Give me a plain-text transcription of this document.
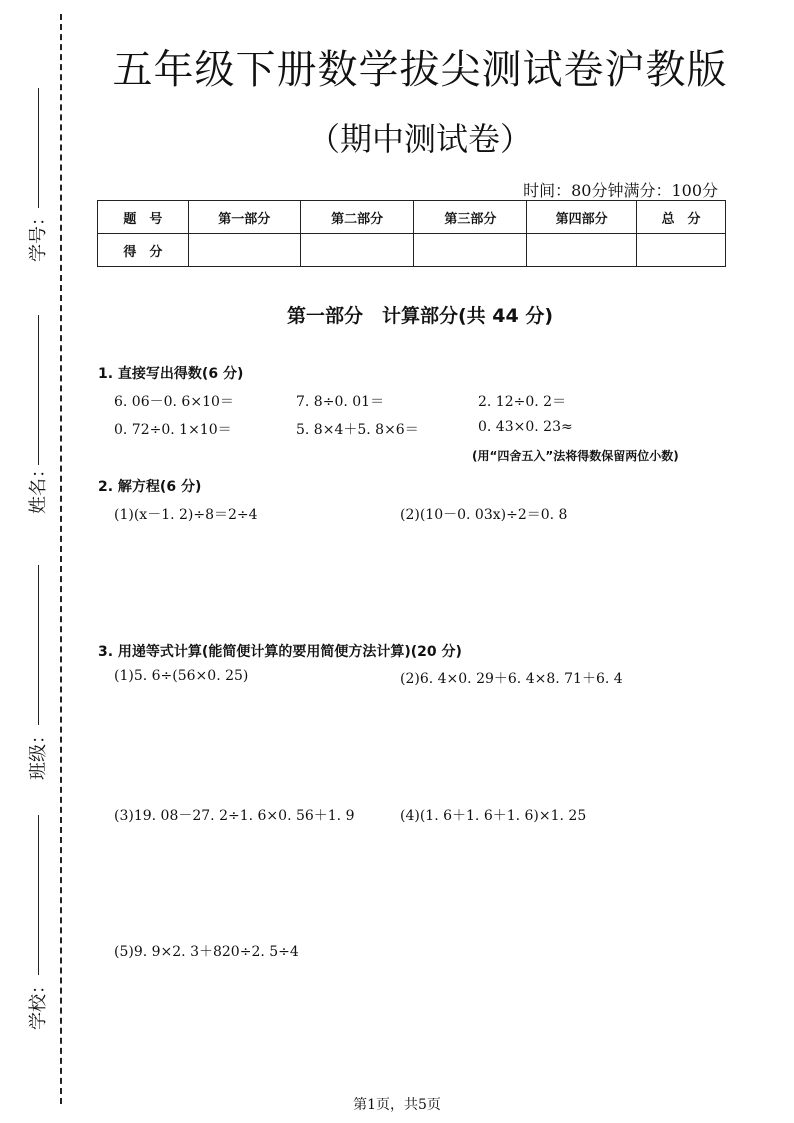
学号：
姓名：
班级：
学校：
五年级下册数学拔尖测试卷沪教版
（期中测试卷）
时间：80分钟满分：100分
题　号	第一部分	第二部分	第三部分	第四部分	总　分
得　分					
第一部分　计算部分(共 44 分)
1. 直接写出得数(6 分)
6. 06－0. 6×10＝	7. 8÷0. 01＝	2. 12÷0. 2＝
0. 72÷0. 1×10＝	5. 8×4＋5. 8×6＝	0. 43×0. 23≈
(用“四舍五入”法将得数保留两位小数)
2. 解方程(6 分)
(1)(x－1. 2)÷8＝2÷4	(2)(10－0. 03x)÷2＝0. 8
3. 用递等式计算(能简便计算的要用简便方法计算)(20 分)
(1)5. 6÷(56×0. 25)	(2)6. 4×0. 29＋6. 4×8. 71＋6. 4
(3)19. 08－27. 2÷1. 6×0. 56＋1. 9	(4)(1. 6＋1. 6＋1. 6)×1. 25
(5)9. 9×2. 3＋820÷2. 5÷4
第1页，共5页
